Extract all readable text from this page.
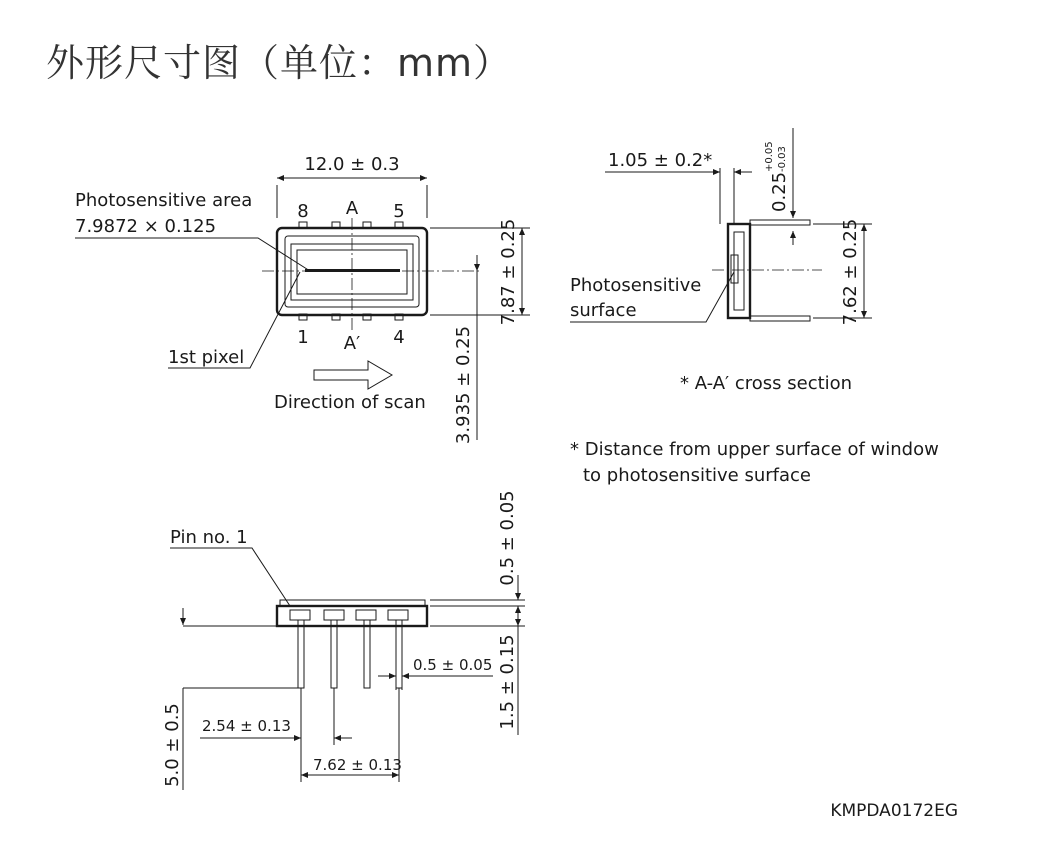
外形尺寸图（单位：mm）
12.0 ± 0.3
8 A 5
1 A′ 4
Photosensitive area
7.9872 × 0.125
1st pixel
Direction of scan
7.87 ± 0.25
3.935 ± 0.25
1.05 ± 0.2*
0.25
+0.05 -0.03
7.62 ± 0.25
Photosensitive
surface
* A-A′ cross section
* Distance from upper surface of window
to photosensitive surface
Pin no. 1
5.0 ± 0.5
0.5 ± 0.05
1.5 ± 0.15
0.5 ± 0.05
2.54 ± 0.13
7.62 ± 0.13
KMPDA0172EG
